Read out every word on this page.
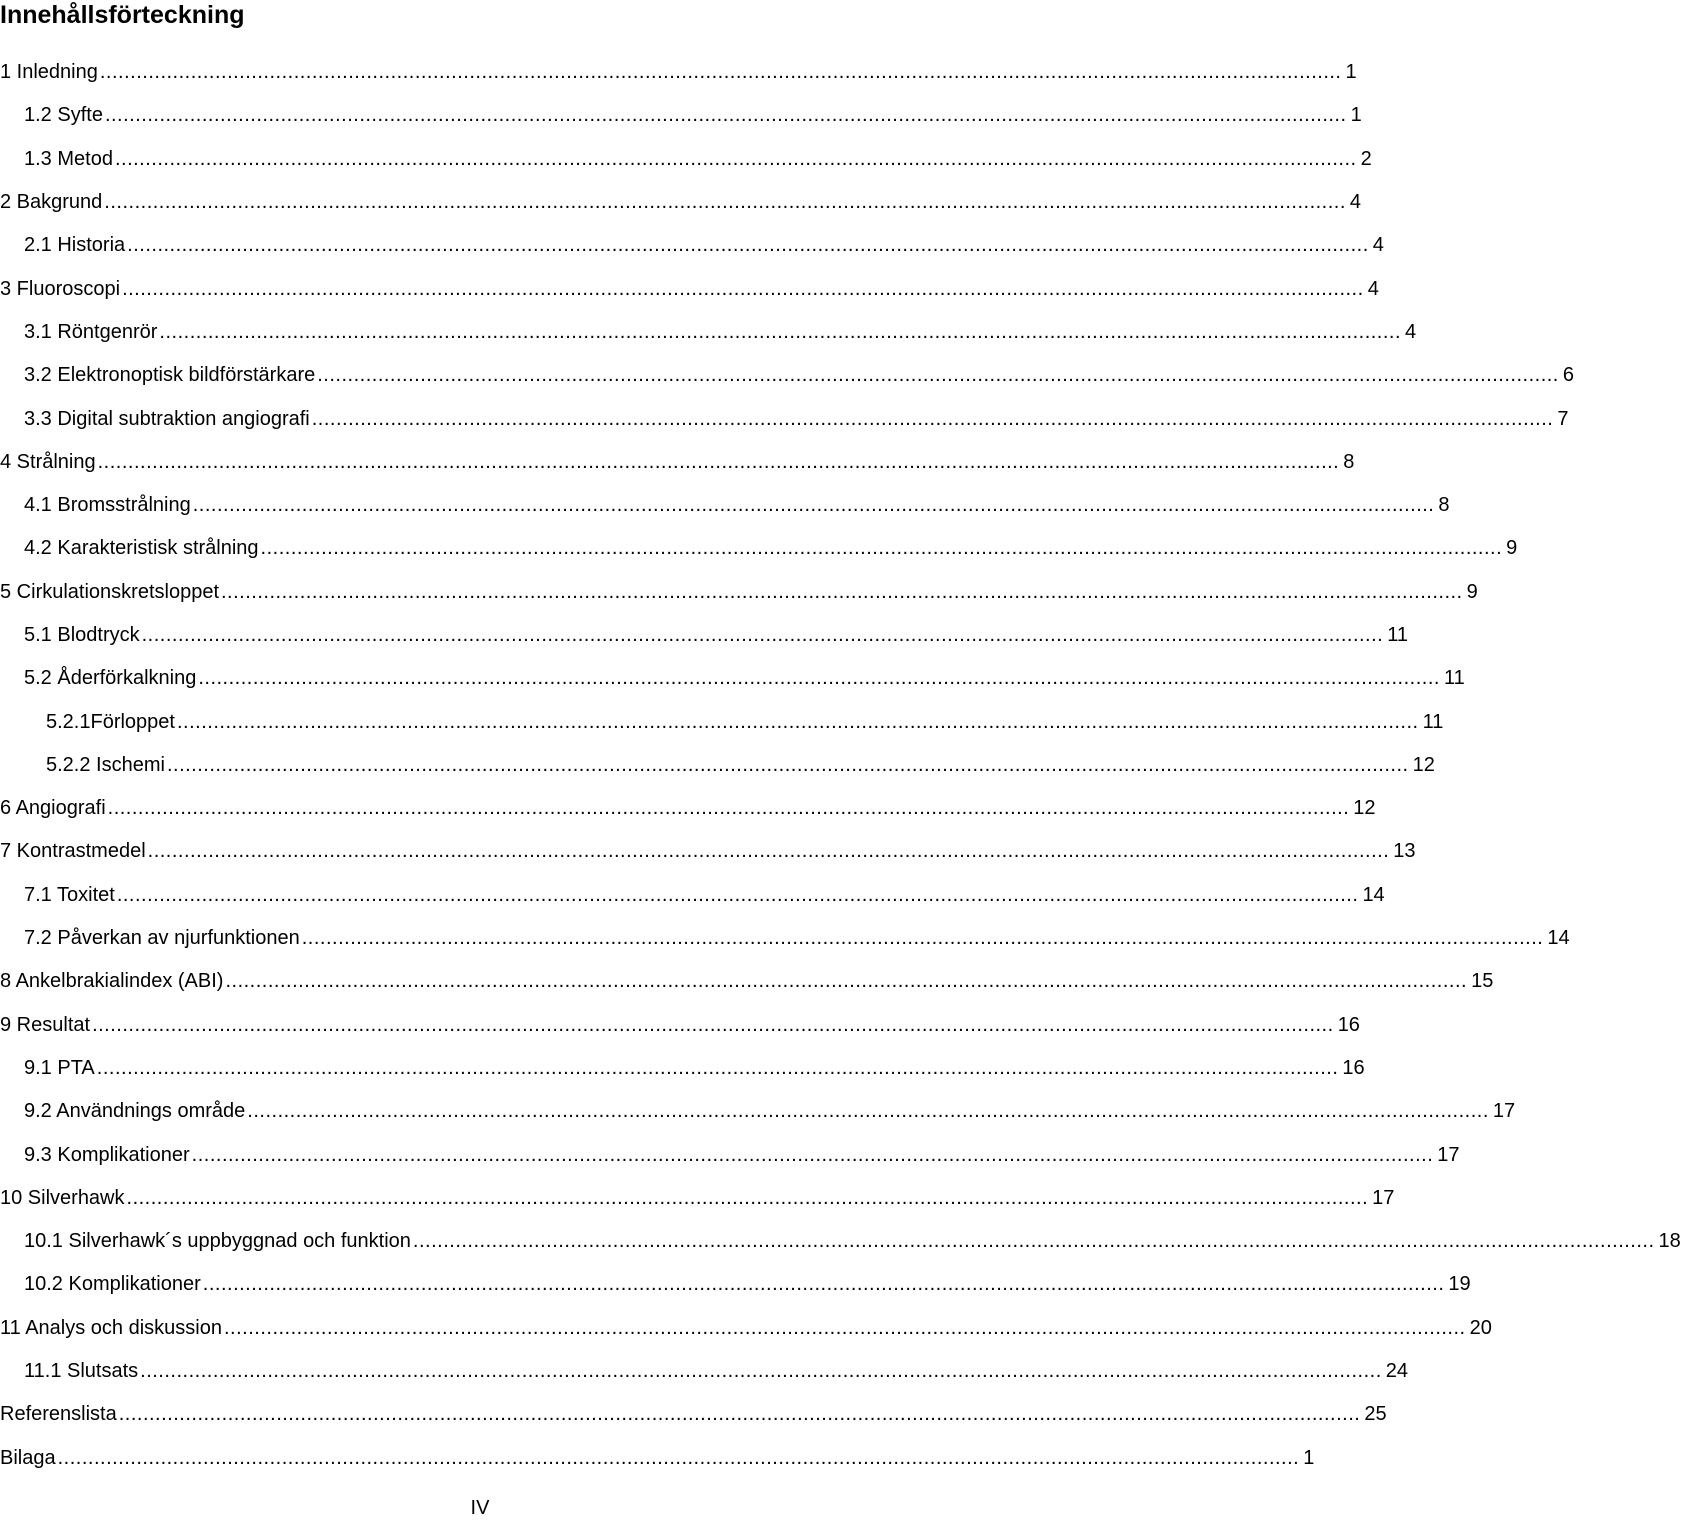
Innehållsförteckning
1 Inledning ............................................................................................................................................................................................................. 1
1.2 Syfte ............................................................................................................................................................................................................. 1
1.3 Metod ............................................................................................................................................................................................................. 2
2 Bakgrund ............................................................................................................................................................................................................. 4
2.1 Historia ............................................................................................................................................................................................................. 4
3 Fluoroscopi ............................................................................................................................................................................................................. 4
3.1 Röntgenrör ............................................................................................................................................................................................................. 4
3.2 Elektronoptisk bildförstärkare ............................................................................................................................................................................................................. 6
3.3 Digital subtraktion angiografi ............................................................................................................................................................................................................. 7
4 Strålning ............................................................................................................................................................................................................. 8
4.1 Bromsstrålning ............................................................................................................................................................................................................. 8
4.2 Karakteristisk strålning ............................................................................................................................................................................................................. 9
5 Cirkulationskretsloppet ............................................................................................................................................................................................................. 9
5.1 Blodtryck ............................................................................................................................................................................................................. 11
5.2 Åderförkalkning ............................................................................................................................................................................................................. 11
5.2.1Förloppet ............................................................................................................................................................................................................. 11
5.2.2 Ischemi ............................................................................................................................................................................................................. 12
6 Angiografi ............................................................................................................................................................................................................. 12
7 Kontrastmedel ............................................................................................................................................................................................................. 13
7.1 Toxitet ............................................................................................................................................................................................................. 14
7.2 Påverkan av njurfunktionen ............................................................................................................................................................................................................. 14
8 Ankelbrakialindex (ABI) ............................................................................................................................................................................................................. 15
9 Resultat ............................................................................................................................................................................................................. 16
9.1 PTA ............................................................................................................................................................................................................. 16
9.2 Användnings område ............................................................................................................................................................................................................. 17
9.3 Komplikationer ............................................................................................................................................................................................................. 17
10 Silverhawk ............................................................................................................................................................................................................. 17
10.1 Silverhawk´s uppbyggnad och funktion ............................................................................................................................................................................................................. 18
10.2 Komplikationer ............................................................................................................................................................................................................. 19
11 Analys och diskussion ............................................................................................................................................................................................................. 20
11.1 Slutsats ............................................................................................................................................................................................................. 24
Referenslista ............................................................................................................................................................................................................. 25
Bilaga ............................................................................................................................................................................................................. 1
IV
